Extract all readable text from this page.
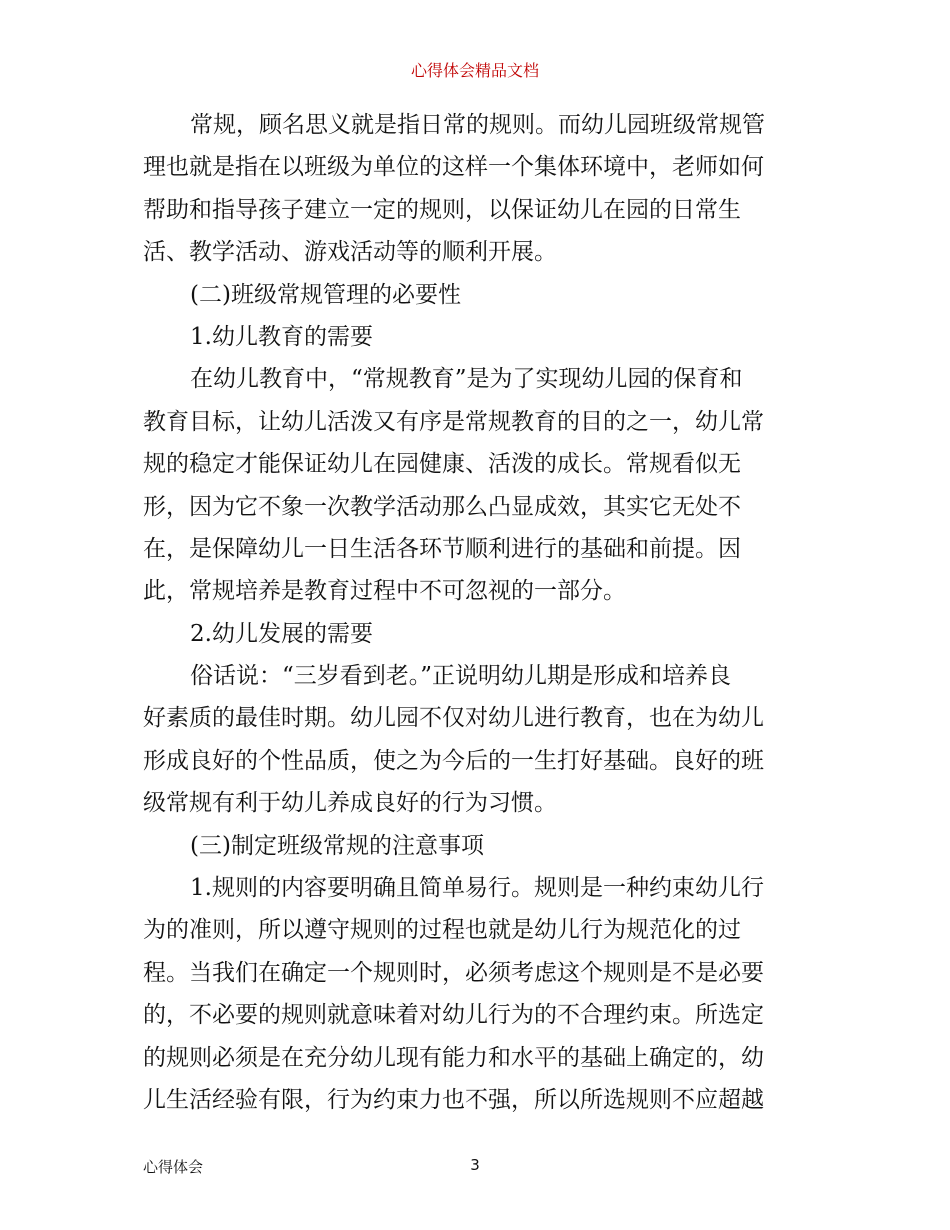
心得体会精品文档
常规，顾名思义就是指日常的规则。而幼儿园班级常规管
理也就是指在以班级为单位的这样一个集体环境中，老师如何
帮助和指导孩子建立一定的规则，以保证幼儿在园的日常生
活、教学活动、游戏活动等的顺利开展。
(二)班级常规管理的必要性
1.幼儿教育的需要
在幼儿教育中，“常规教育”是为了实现幼儿园的保育和
教育目标，让幼儿活泼又有序是常规教育的目的之一，幼儿常
规的稳定才能保证幼儿在园健康、活泼的成长。常规看似无
形，因为它不象一次教学活动那么凸显成效，其实它无处不
在，是保障幼儿一日生活各环节顺利进行的基础和前提。因
此，常规培养是教育过程中不可忽视的一部分。
2.幼儿发展的需要
俗话说：“三岁看到老。”正说明幼儿期是形成和培养良
好素质的最佳时期。幼儿园不仅对幼儿进行教育，也在为幼儿
形成良好的个性品质，使之为今后的一生打好基础。良好的班
级常规有利于幼儿养成良好的行为习惯。
(三)制定班级常规的注意事项
1.规则的内容要明确且简单易行。规则是一种约束幼儿行
为的准则，所以遵守规则的过程也就是幼儿行为规范化的过
程。当我们在确定一个规则时，必须考虑这个规则是不是必要
的，不必要的规则就意味着对幼儿行为的不合理约束。所选定
的规则必须是在充分幼儿现有能力和水平的基础上确定的，幼
儿生活经验有限，行为约束力也不强，所以所选规则不应超越
心得体会	3
